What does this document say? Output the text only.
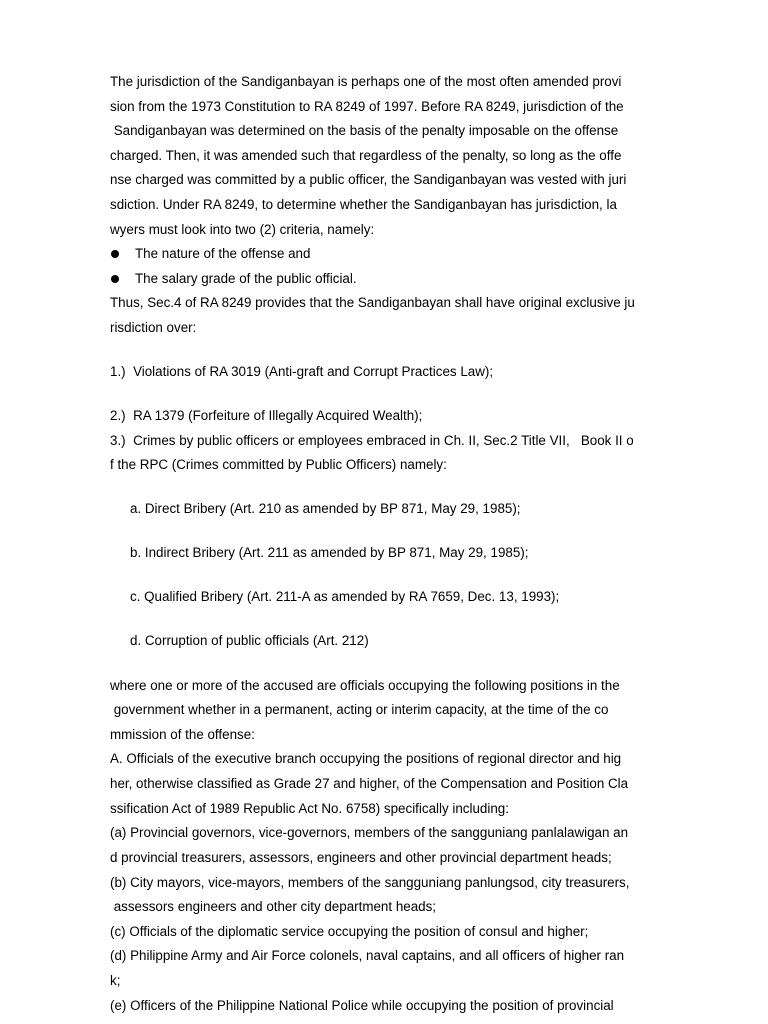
The jurisdiction of the Sandiganbayan is perhaps one of the most often amended provi
sion from the 1973 Constitution to RA 8249 of 1997. Before RA 8249, jurisdiction of the
Sandiganbayan was determined on the basis of the penalty imposable on the offense
charged. Then, it was amended such that regardless of the penalty, so long as the offe
nse charged was committed by a public officer, the Sandiganbayan was vested with juri
sdiction. Under RA 8249, to determine whether the Sandiganbayan has jurisdiction, la
wyers must look into two (2) criteria, namely:
The nature of the offense and
The salary grade of the public official.
Thus, Sec.4 of RA 8249 provides that the Sandiganbayan shall have original exclusive ju
risdiction over:
1.)  Violations of RA 3019 (Anti-graft and Corrupt Practices Law);
2.)  RA 1379 (Forfeiture of Illegally Acquired Wealth);
3.)  Crimes by public officers or employees embraced in Ch. II, Sec.2 Title VII,   Book II o
f the RPC (Crimes committed by Public Officers) namely:
a. Direct Bribery (Art. 210 as amended by BP 871, May 29, 1985);
b. Indirect Bribery (Art. 211 as amended by BP 871, May 29, 1985);
c. Qualified Bribery (Art. 211-A as amended by RA 7659, Dec. 13, 1993);
d. Corruption of public officials (Art. 212)
where one or more of the accused are officials occupying the following positions in the
government whether in a permanent, acting or interim capacity, at the time of the co
mmission of the offense:
A. Officials of the executive branch occupying the positions of regional director and hig
her, otherwise classified as Grade 27 and higher, of the Compensation and Position Cla
ssification Act of 1989 Republic Act No. 6758) specifically including:
(a) Provincial governors, vice-governors, members of the sangguniang panlalawigan an
d provincial treasurers, assessors, engineers and other provincial department heads;
(b) City mayors, vice-mayors, members of the sangguniang panlungsod, city treasurers,
assessors engineers and other city department heads;
(c) Officials of the diplomatic service occupying the position of consul and higher;
(d) Philippine Army and Air Force colonels, naval captains, and all officers of higher ran
k;
(e) Officers of the Philippine National Police while occupying the position of provincial
